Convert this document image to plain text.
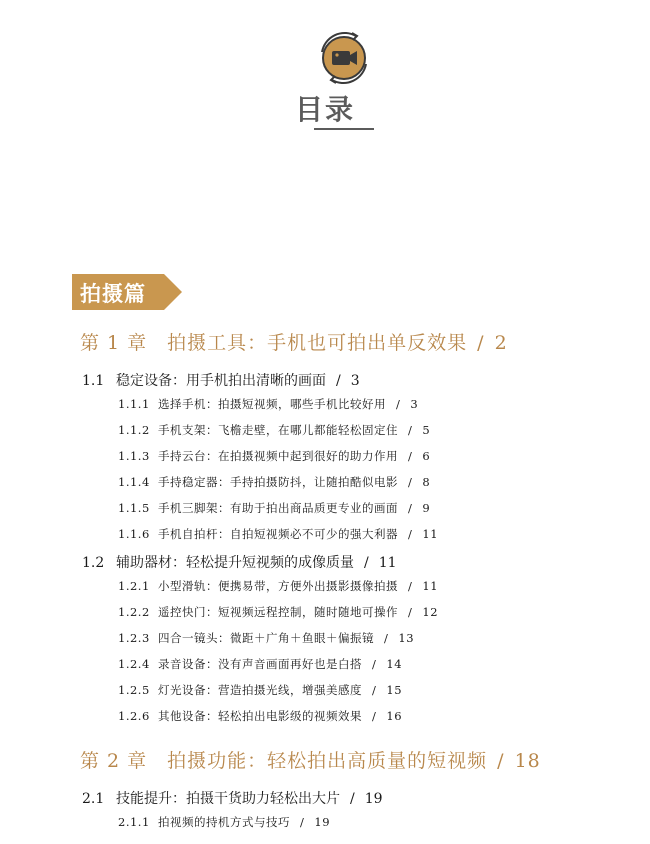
目录
拍摄篇
第 1 章　拍摄工具：手机也可拍出单反效果 / 2
1.1 稳定设备：用手机拍出清晰的画面 / 3
1.1.1 选择手机：拍摄短视频，哪些手机比较好用 / 3
1.1.2 手机支架：飞檐走壁，在哪儿都能轻松固定住 / 5
1.1.3 手持云台：在拍摄视频中起到很好的助力作用 / 6
1.1.4 手持稳定器：手持拍摄防抖，让随拍酷似电影 / 8
1.1.5 手机三脚架：有助于拍出商品质更专业的画面 / 9
1.1.6 手机自拍杆：自拍短视频必不可少的强大利器 / 11
1.2 辅助器材：轻松提升短视频的成像质量 / 11
1.2.1 小型滑轨：便携易带，方便外出摄影摄像拍摄 / 11
1.2.2 遥控快门：短视频远程控制，随时随地可操作 / 12
1.2.3 四合一镜头：微距＋广角＋鱼眼＋偏振镜 / 13
1.2.4 录音设备：没有声音画面再好也是白搭 / 14
1.2.5 灯光设备：营造拍摄光线，增强美感度 / 15
1.2.6 其他设备：轻松拍出电影级的视频效果 / 16
第 2 章　拍摄功能：轻松拍出高质量的短视频 / 18
2.1 技能提升：拍摄干货助力轻松出大片 / 19
2.1.1 拍视频的持机方式与技巧 / 19
